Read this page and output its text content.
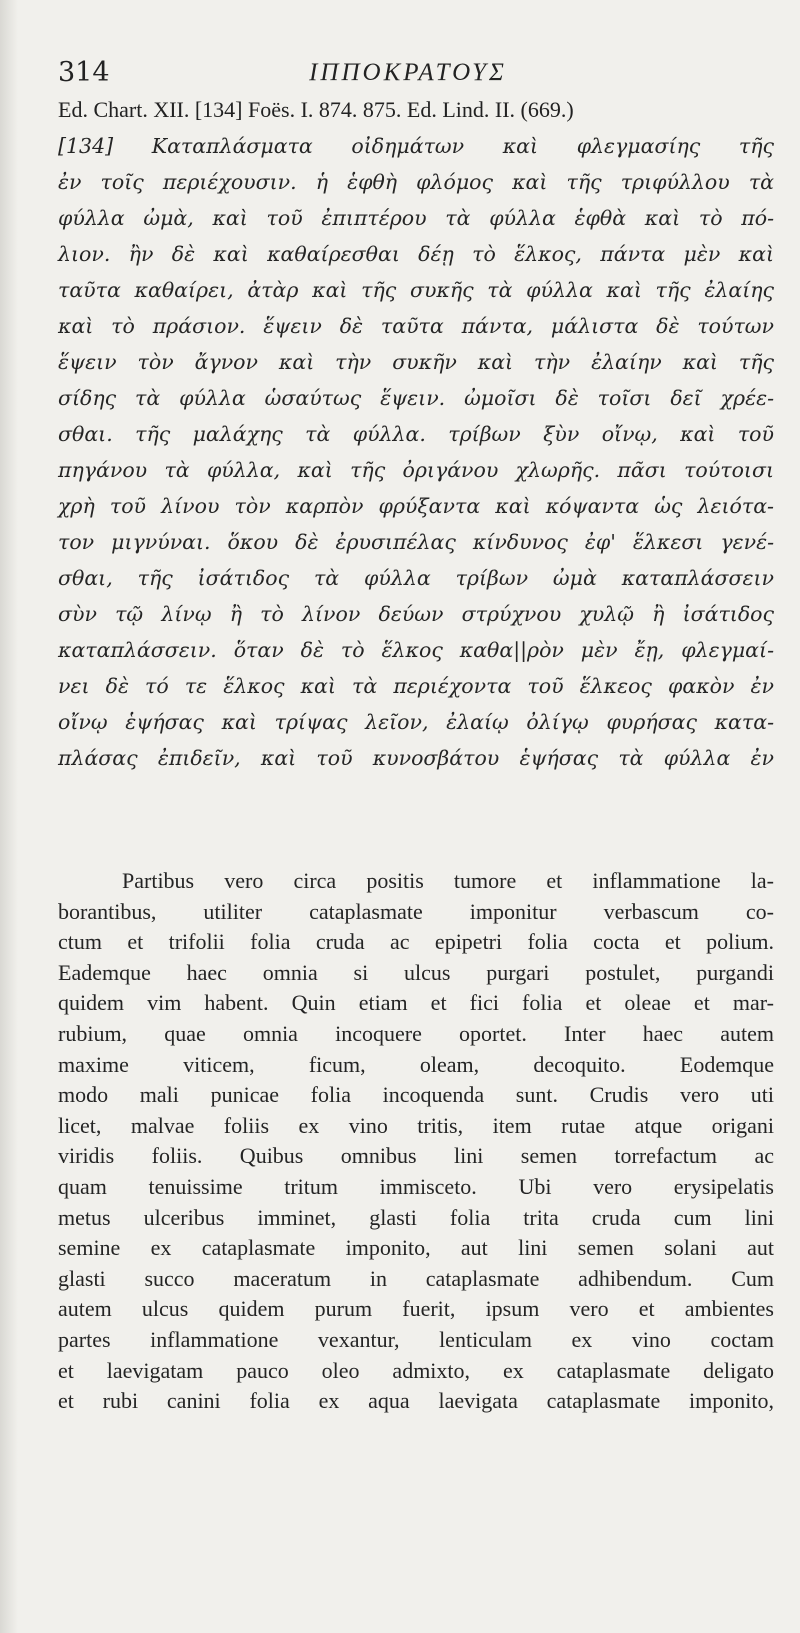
314	ΙΠΠΟΚΡΑΤΟΥΣ
Ed. Chart. XII. [134] Foës. I. 874. 875. Ed. Lind. II. (669.)
[134] Καταπλάσματα οἰδημάτων καὶ φλεγμασίης τῆς
ἐν τοῖς περιέχουσιν. ἡ ἑφθὴ φλόμος καὶ τῆς τριφύλλου τὰ
φύλλα ὠμὰ, καὶ τοῦ ἐπιπτέρου τὰ φύλλα ἑφθὰ καὶ τὸ πό-
λιον. ἢν δὲ καὶ καθαίρεσθαι δέῃ τὸ ἕλκος, πάντα μὲν καὶ
ταῦτα καθαίρει, ἀτὰρ καὶ τῆς συκῆς τὰ φύλλα καὶ τῆς ἐλαίης
καὶ τὸ πράσιον. ἕψειν δὲ ταῦτα πάντα, μάλιστα δὲ τούτων
ἕψειν τὸν ἄγνον καὶ τὴν συκῆν καὶ τὴν ἐλαίην καὶ τῆς
σίδης τὰ φύλλα ὡσαύτως ἕψειν. ὠμοῖσι δὲ τοῖσι δεῖ χρέε-
σθαι. τῆς μαλάχης τὰ φύλλα. τρίβων ξὺν οἴνῳ, καὶ τοῦ
πηγάνου τὰ φύλλα, καὶ τῆς ὀριγάνου χλωρῆς. πᾶσι τούτοισι
χρὴ τοῦ λίνου τὸν καρπὸν φρύξαντα καὶ κόψαντα ὡς λειότα-
τον μιγνύναι. ὅκου δὲ ἐρυσιπέλας κίνδυνος ἐφ' ἕλκεσι γενέ-
σθαι, τῆς ἰσάτιδος τὰ φύλλα τρίβων ὠμὰ καταπλάσσειν
σὺν τῷ λίνῳ ἢ τὸ λίνον δεύων στρύχνου χυλῷ ἢ ἰσάτιδος
καταπλάσσειν. ὅταν δὲ τὸ ἕλκος καθα||ρὸν μὲν ἔῃ, φλεγμαί-
νει δὲ τό τε ἕλκος καὶ τὰ περιέχοντα τοῦ ἕλκεος φακὸν ἐν
οἴνῳ ἑψήσας καὶ τρίψας λεῖον, ἐλαίῳ ὀλίγῳ φυρήσας κατα-
πλάσας ἐπιδεῖν, καὶ τοῦ κυνοσβάτου ἑψήσας τὰ φύλλα ἐν
Partibus vero circa positis tumore et inflammatione la-
borantibus, utiliter cataplasmate imponitur verbascum co-
ctum et trifolii folia cruda ac epipetri folia cocta et polium.
Eademque haec omnia si ulcus purgari postulet, purgandi
quidem vim habent. Quin etiam et fici folia et oleae et mar-
rubium, quae omnia incoquere oportet. Inter haec autem
maxime viticem, ficum, oleam, decoquito. Eodemque
modo mali punicae folia incoquenda sunt. Crudis vero uti
licet, malvae foliis ex vino tritis, item rutae atque origani
viridis foliis. Quibus omnibus lini semen torrefactum ac
quam tenuissime tritum immisceto. Ubi vero erysipelatis
metus ulceribus imminet, glasti folia trita cruda cum lini
semine ex cataplasmate imponito, aut lini semen solani aut
glasti succo maceratum in cataplasmate adhibendum. Cum
autem ulcus quidem purum fuerit, ipsum vero et ambientes
partes inflammatione vexantur, lenticulam ex vino coctam
et laevigatam pauco oleo admixto, ex cataplasmate deligato
et rubi canini folia ex aqua laevigata cataplasmate imponito,
